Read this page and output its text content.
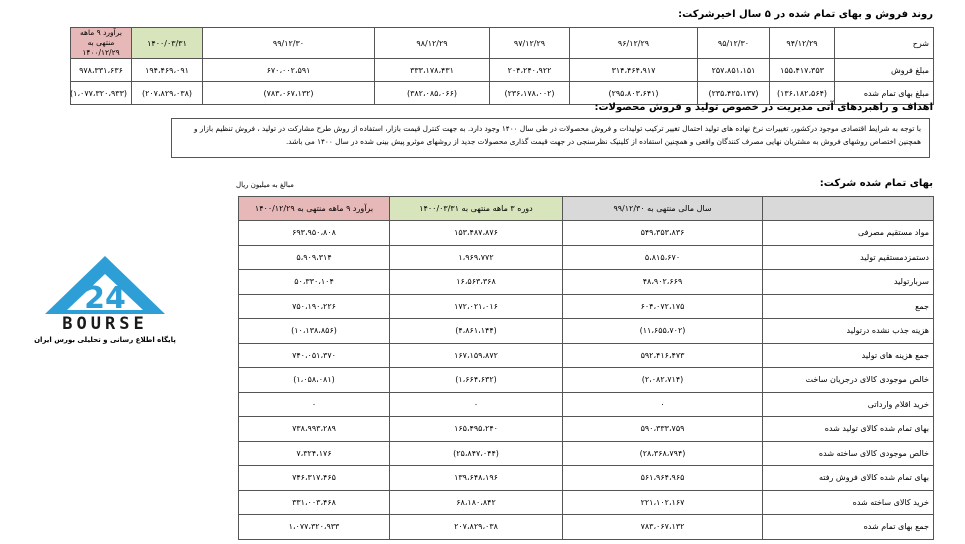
روند فروش و بهای تمام شده در ۵ سال اخیرشرکت:
شرح	۹۴/۱۲/۲۹	۹۵/۱۲/۳۰	۹۶/۱۲/۲۹	۹۷/۱۲/۲۹	۹۸/۱۲/۲۹	۹۹/۱۲/۳۰	۱۴۰۰/۰۳/۳۱	برآورد ۹ ماهه منتهی به ۱۴۰۰/۱۲/۲۹
مبلغ فروش	۱۵۵،۴۱۷،۳۵۳	۲۵۷،۸۵۱،۱۵۱	۳۱۴،۴۶۴،۹۱۷	۲۰۴،۲۴۰،۹۲۲	۳۳۳،۱۷۸،۴۳۱	۶۷۰،۰۰۲،۵۹۱	۱۹۴،۴۶۹،۰۹۱	۹۷۸،۳۳۱،۶۳۶
مبلغ بهای تمام شده	(۱۳۶،۱۸۲،۵۶۴)	(۲۳۵،۴۲۵،۱۳۷)	(۲۹۵،۸۰۳،۶۴۱)	(۲۳۶،۱۷۸،۰۰۲)	(۳۸۲،۰۸۵،۰۶۶)	(۷۸۳،۰۶۷،۱۳۲)	(۲۰۷،۸۲۹،۰۳۸)	(۱،۰۷۷،۳۲۰،۹۳۳)
اهداف و راهبردهای آتی مدیریت در خصوص تولید و فروش محصولات:
با توجه به شرایط اقتصادی موجود درکشور، تغییرات نرخ نهاده های تولید احتمال تغییر ترکیب تولیدات و فروش محصولات در طی سال ۱۴۰۰ وجود دارد. به جهت کنترل قیمت بازار، استفاده از روش طرح مشارکت در تولید ، فروش تنظیم بازار و همچنین اختصاص روشهای فروش به مشتریان نهایی مصرف کنندگان واقعی و همچنین استفاده از کلینیک نظرسنجی در جهت قیمت گذاری محصولات جدید از روشهای موثرو پیش بینی شده در سال ۱۴۰۰ می باشد.
بهای تمام شده شرکت:
مبالغ به میلیون ریال
	سال مالی منتهی به ۹۹/۱۲/۳۰	دوره ۳ ماهه منتهی به ۱۴۰۰/۰۳/۳۱	برآورد ۹ ماهه منتهی به ۱۴۰۰/۱۲/۲۹
مواد مستقیم مصرفی	۵۴۹،۳۵۳،۸۳۶	۱۵۳،۴۸۷،۸۷۶	۶۹۳،۹۵۰،۸۰۸
دستمزدمستقیم تولید	۵،۸۱۵،۶۷۰	۱،۹۶۹،۷۷۲	۵،۹۰۹،۳۱۴
سربارتولید	۴۸،۹۰۲،۶۶۹	۱۶،۵۶۳،۳۶۸	۵۰،۳۳۰،۱۰۴
جمع	۶۰۴،۰۷۲،۱۷۵	۱۷۲،۰۲۱،۰۱۶	۷۵۰،۱۹۰،۲۲۶
هزینه جذب نشده درتولید	(۱۱،۶۵۵،۷۰۲)	(۴،۸۶۱،۱۴۴)	(۱۰،۱۳۸،۸۵۶)
جمع هزینه های تولید	۵۹۲،۴۱۶،۴۷۳	۱۶۷،۱۵۹،۸۷۲	۷۴۰،۰۵۱،۳۷۰
خالص موجودی کالای درجریان ساخت	(۲،۰۸۲،۷۱۴)	(۱،۶۶۴،۶۳۲)	(۱،۰۵۸،۰۸۱)
خرید اقلام وارداتی	۰	۰	۰
بهای تمام شده کالای تولید شده	۵۹۰،۳۳۳،۷۵۹	۱۶۵،۴۹۵،۲۴۰	۷۳۸،۹۹۳،۲۸۹
خالص موجودی کالای ساخته شده	(۲۸،۳۶۸،۷۹۴)	(۲۵،۸۴۷،۰۴۴)	۷،۳۲۴،۱۷۶
بهای تمام شده کالای فروش رفته	۵۶۱،۹۶۴،۹۶۵	۱۳۹،۶۴۸،۱۹۶	۷۴۶،۳۱۷،۴۶۵
خرید کالای ساخته شده	۲۲۱،۱۰۲،۱۶۷	۶۸،۱۸۰،۸۴۲	۳۳۱،۰۰۳،۴۶۸
جمع بهای تمام شده	۷۸۳،۰۶۷،۱۳۲	۲۰۷،۸۲۹،۰۳۸	۱،۰۷۷،۳۲۰،۹۳۳
24
BOURSE
پایگاه اطلاع رسانی و تحلیلی بورس ایران
